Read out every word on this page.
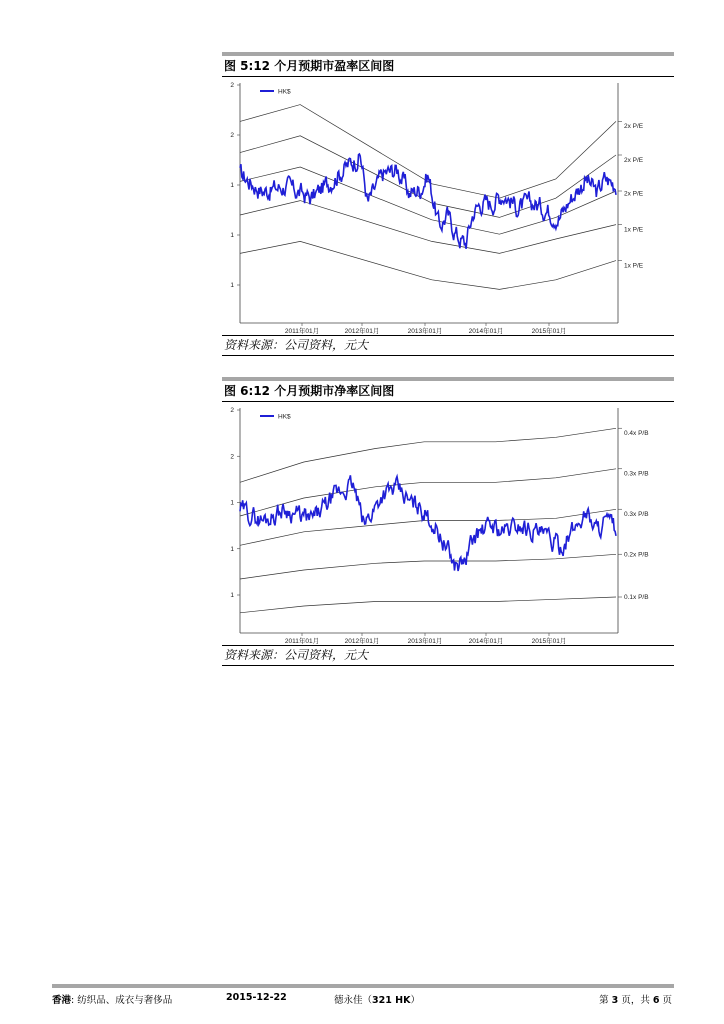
图 5:12 个月预期市盈率区间图
2
2
1
1
1
2011年01月	2012年01月	2013年01月	2014年01月	2015年01月
2x P/E
2x P/E
2x P/E
1x P/E
1x P/E
HK$
资料来源：公司资料，元大
图 6:12 个月预期市净率区间图
2
2
1
1
1
2011年01月	2012年01月	2013年01月	2014年01月	2015年01月
0.4x P/B
0.3x P/B
0.3x P/B
0.2x P/B
0.1x P/B
HK$
资料来源：公司资料，元大
香港: 纺织品、成衣与奢侈品	2015-12-22	德永佳（321 HK）	第 3 页，共 6 页
